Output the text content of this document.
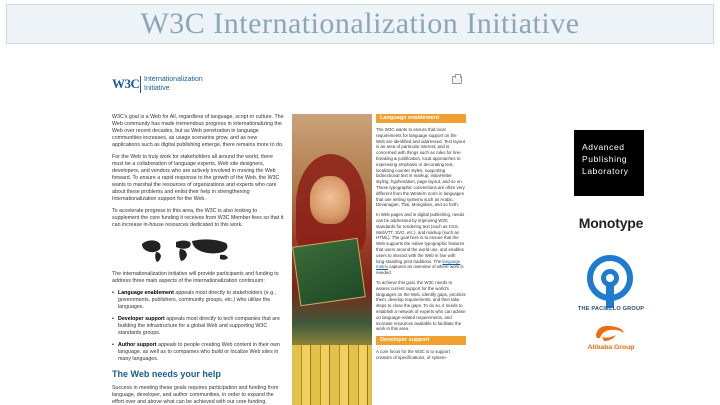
W3C Internationalization Initiative
W3C Internationalization
Initiative

W3C's goal is a Web for All, regardless of language, script or culture. The Web community has made tremendous progress in internationalizing the Web over recent decades, but as Web penetration in language communities increases, as usage scenarios grow, and as new applications such as digital publishing emerge, there remains more to do.

For the Web to truly work for stakeholders all around the world, there must be a collaboration of language experts, Web site designers, developers, and vendors who are actively involved in moving the Web forward. To ensure a rapid response to the growth of the Web, the W3C wants to marshal the resources of organizations and experts who care about these problems and enlist their help in strengthening Internationalization support for the Web.

To accelerate progress in this area, the W3C is also looking to supplement the core funding it receives from W3C Member fees so that it can increase in-house resources dedicated to this work.

The internationalization initiative will provide participants and funding to address three main aspects of the internationalization continuum:

• Language enablement appeals most directly to stakeholders (e.g., governments, publishers, community groups, etc.) who utilize the languages.
• Developer support appeals most directly to tech companies that are building the infrastructure for a global Web and supporting W3C standards groups.
• Author support appeals to people creating Web content in their own language, as well as to companies who build or localize Web sites in many languages.
The Web needs your help

Success in meeting these goals requires participation and funding from language, developer, and author communities, in order to expand the effort over and above what can be achieved with our core funding.

Language enablement

The W3C wants to ensure that local requirements for language support on the Web are identified and addressed. Text layout is an area of particular interest, and is concerned with things such as rules for line-breaking & justification, local approaches to expressing emphasis or decorating text, localizing counter styles, supporting bidirectional text in markup, initial-letter styling, hyphenation, page layout, and so on. These typographic conventions are often very different from the Western norm in languages that use writing systems such as Arabic, Devanagari, Thai, Mongolian, and so forth.

In Web pages and in digital publishing, needs can be addressed by improving W3C standards for rendering text (such as CSS, WebVTT, SVG, etc.), and markup (such as HTML). The goal here is to ensure that the Web supports the native typographic features that users around the world use, and enables users to interact with the Web in line with long-standing print traditions. The language matrix captures an overview of where work is needed.

To achieve this goal, the W3C needs to assess current support for the world's languages on the Web, identify gaps, prioritize them, develop requirements, and then take steps to close the gaps. To do so, it needs to establish a network of experts who can advise on language-related requirements, and increase resources available to facilitate the work in this area.

Developer support

A core focus for the W3C is to support creators of specifications, of system-

Advanced
Publishing
Laboratory
Monotype
THE PACIELLO GROUP
Alibaba Group
